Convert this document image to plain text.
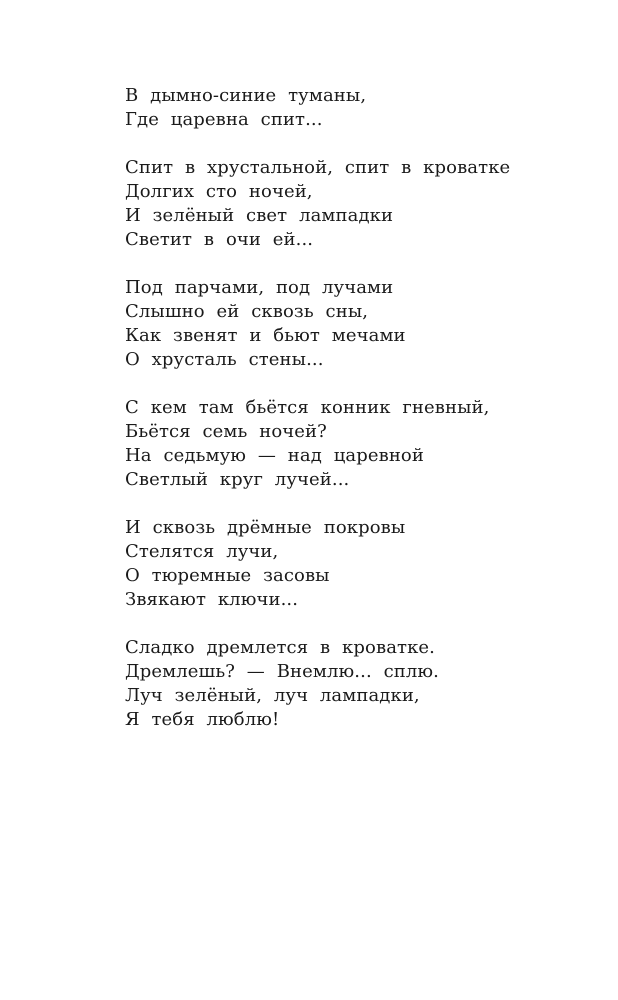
В дымно-синие туманы,
Где царевна спит...
Спит в хрустальной, спит в кроватке
Долгих сто ночей,
И зелёный свет лампадки
Светит в очи ей...
Под парчами, под лучами
Слышно ей сквозь сны,
Как звенят и бьют мечами
О хрусталь стены...
С кем там бьётся конник гневный,
Бьётся семь ночей?
На седьмую — над царевной
Светлый круг лучей...
И сквозь дрёмные покровы
Стелятся лучи,
О тюремные засовы
Звякают ключи...
Сладко дремлется в кроватке.
Дремлешь? — Внемлю... сплю.
Луч зелёный, луч лампадки,
Я тебя люблю!
